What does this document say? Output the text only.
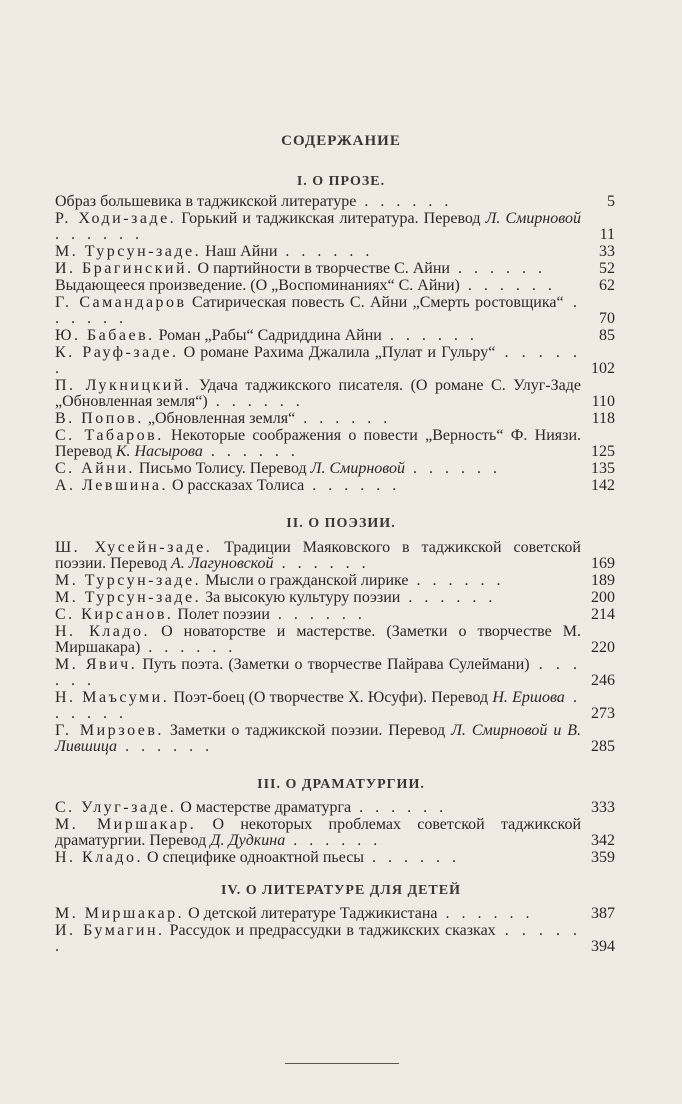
СОДЕРЖАНИЕ
I. О ПРОЗЕ.
Образ большевика в таджикской литературе . . . . . .	5
Р. Ходи-заде. Горький и таджикская литература. Перевод Л. Смирновой . . . . . .	11
М. Турсун-заде. Наш Айни . . . . . .	33
И. Брагинский. О партийности в творчестве С. Айни . . . . . .	52
Выдающееся произведение. (О „Воспоминаниях“ С. Айни) . . . . . .	62
Г. Самандаров Сатирическая повесть С. Айни „Смерть ростовщика“ . . . . . .	70
Ю. Бабаев. Роман „Рабы“ Садриддина Айни . . . . . .	85
К. Рауф-заде. О романе Рахима Джалила „Пулат и Гульру“ . . . . . .	102
П. Лукницкий. Удача таджикского писателя. (О романе С. Улуг-Заде „Обновленная земля“) . . . . . .	110
В. Попов. „Обновленная земля“ . . . . . .	118
С. Табаров. Некоторые соображения о повести „Верность“ Ф. Ниязи. Перевод К. Насырова . . . . . .	125
С. Айни. Письмо Толису. Перевод Л. Смирновой . . . . . .	135
А. Левшина. О рассказах Толиса . . . . . .	142
II. О ПОЭЗИИ.
Ш. Хусейн-заде. Традиции Маяковского в таджикской советской поэзии. Перевод А. Лагуновской . . . . . .	169
М. Турсун-заде. Мысли о гражданской лирике . . . . . .	189
М. Турсун-заде. За высокую культуру поэзии . . . . . .	200
С. Кирсанов. Полет поэзии . . . . . .	214
Н. Кладо. О новаторстве и мастерстве. (Заметки о творчестве М. Миршакара) . . . . . .	220
М. Явич. Путь поэта. (Заметки о творчестве Пайрава Сулеймани) . . . . . .	246
Н. Маъсуми. Поэт-боец (О творчестве Х. Юсуфи). Перевод Н. Ершова . . . . . .	273
Г. Мирзоев. Заметки о таджикской поэзии. Перевод Л. Смирновой и В. Лившица . . . . . .	285
III. О ДРАМАТУРГИИ.
С. Улуг-заде. О мастерстве драматурга . . . . . .	333
М. Миршакар. О некоторых проблемах советской таджикской драматургии. Перевод Д. Дудкина . . . . . .	342
Н. Кладо. О специфике одноактной пьесы . . . . . .	359
IV. О ЛИТЕРАТУРЕ ДЛЯ ДЕТЕЙ
М. Миршакар. О детской литературе Таджикистана . . . . . .	387
И. Бумагин. Рассудок и предрассудки в таджикских сказках . . . . . .	394
